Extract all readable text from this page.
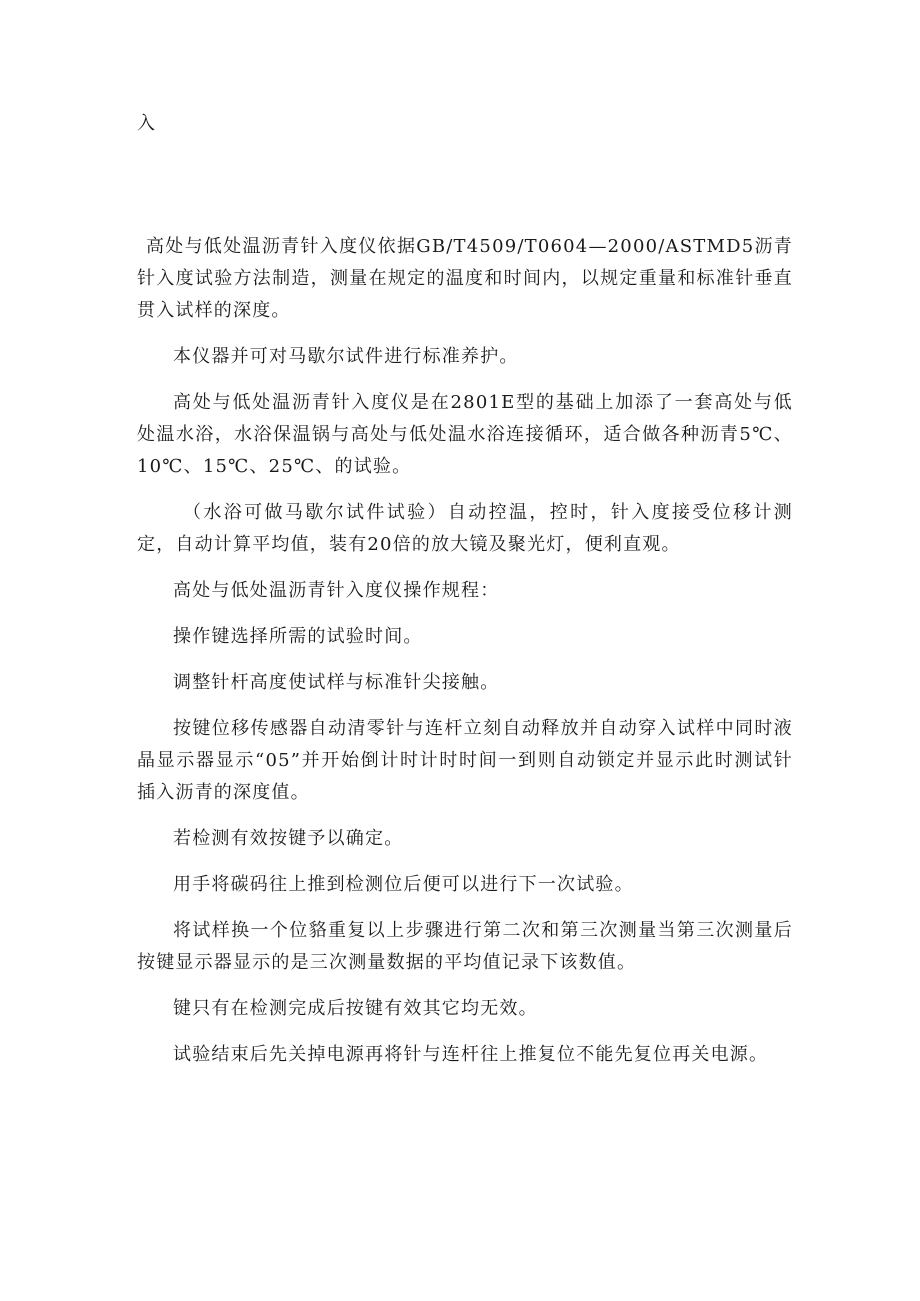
入

高处与低处温沥青针入度仪依据GB/T4509/T0604—2000/ASTMD5沥青针入度试验方法制造，测量在规定的温度和时间内，以规定重量和标准针垂直贯入试样的深度。

本仪器并可对马歇尔试件进行标准养护。

高处与低处温沥青针入度仪是在2801E型的基础上加添了一套高处与低处温水浴，水浴保温锅与高处与低处温水浴连接循环，适合做各种沥青5℃、10℃、15℃、25℃、的试验。

（水浴可做马歇尔试件试验）自动控温，控时，针入度接受位移计测定，自动计算平均值，装有20倍的放大镜及聚光灯，便利直观。

高处与低处温沥青针入度仪操作规程：

操作键选择所需的试验时间。

调整针杆高度使试样与标准针尖接触。

按键位移传感器自动清零针与连杆立刻自动释放并自动穿入试样中同时液晶显示器显示“05”并开始倒计时计时时间一到则自动锁定并显示此时测试针插入沥青的深度值。

若检测有效按键予以确定。

用手将碳码往上推到检测位后便可以进行下一次试验。

将试样换一个位貉重复以上步骤进行第二次和第三次测量当第三次测量后按键显示器显示的是三次测量数据的平均值记录下该数值。

键只有在检测完成后按键有效其它均无效。

试验结束后先关掉电源再将针与连杆往上推复位不能先复位再关电源。
